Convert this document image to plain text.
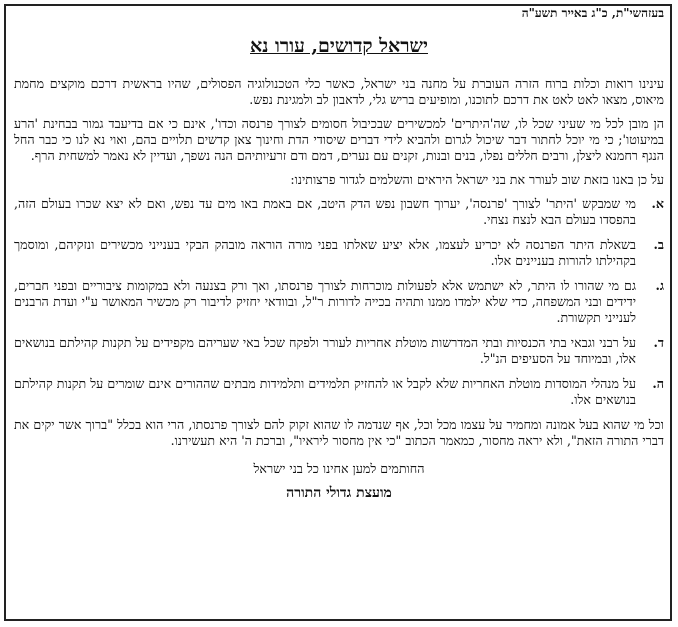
בעזהשי"ת, כ"ג באייר תשע"ה
ישראל קדושים, עורו נא

עינינו רואות וכלות ברוח הזרה העוברת על מחנה בני ישראל, כאשר כלי הטכנולוגיה הפסולים, שהיו בראשית דרכם מוקצים מחמת מיאוס, מצאו לאט לאט את דרכם לתוכנו, ומופיעים בריש גלי, לדאבון לב ולמגינת נפש.

הן מובן לכל מי שעיני שכל לו, שה'היתרים' למכשירים שבכיבול חסומים לצורך פרנסה וכדו', אינם כי אם בדיעבד גמור בבחינת 'הרע במיעוטו'; כי מי יוכל לחתור דבר שיכול לגרום ולהביא לידי דברים שיסודי הדת וחינוך צאן קדשים תלויים בהם, ואוי נא לנו כי כבר החל הנגף רחמנא ליצלן, ורבים חללים נפלו, בנים ובנות, זקנים עם נערים, דמם ודם זרעיותיהם הנה נשפך, ועדיין לא נאמר למשחית הרף.

על כן באנו בזאת שוב לעורר את בני ישראל היראים והשלמים לגדור פרצותינו:

א.
מי שמבקש 'היתר' לצורך 'פרנסה', יערוך חשבון נפש הדק היטב, אם באמת באו מים עד נפש, ואם לא יצא שכרו בעולם הזה, בהפסדו בעולם הבא לנצח נצחי.
ב.
בשאלת היתר הפרנסה לא יכריע לעצמו, אלא יציע שאלתו בפני מורה הוראה מובהק הבקי בענייני מכשירים ונזקיהם, ומוסמך בקהילתו להורות בעניינים אלו.
ג.
גם מי שהורו לו היתר, לא ישתמש אלא לפעולות מוכרחות לצורך פרנסתו, ואך ורק בצנעה ולא במקומות ציבוריים ובפני חברים, ידידים ובני המשפחה, כדי שלא ילמדו ממנו ותהיה בכייה לדורות ר"ל, ובוודאי יחזיק לדיבור רק מכשיר המאושר ע"י ועדת הרבנים לענייני תקשורת.
ד.
על רבני וגבאי בתי הכנסיות ובתי המדרשות מוטלת אחריות לעורר ולפקח שכל באי שעריהם מקפידים על תקנות קהילתם בנושאים אלו, ובמיוחד על הסעיפים הנ"ל.
ה.
על מנהלי המוסדות מוטלת האחריות שלא לקבל או להחזיק תלמידים ותלמידות מבתים שההורים אינם שומרים על תקנות קהילתם בנושאים אלו.

וכל מי שהוא בעל אמונה ומחמיר על עצמו מכל וכל, אף שנדמה לו שהוא זקוק להם לצורך פרנסתו, הרי הוא בכלל "ברוך אשר יקים את דברי התורה הזאת", ולא יראה מחסור, כמאמר הכתוב "כי אין מחסור ליראיו", וברכת ה' היא תעשירנו.

החותמים למען אחינו כל בני ישראל
מועצת גדולי התורה
